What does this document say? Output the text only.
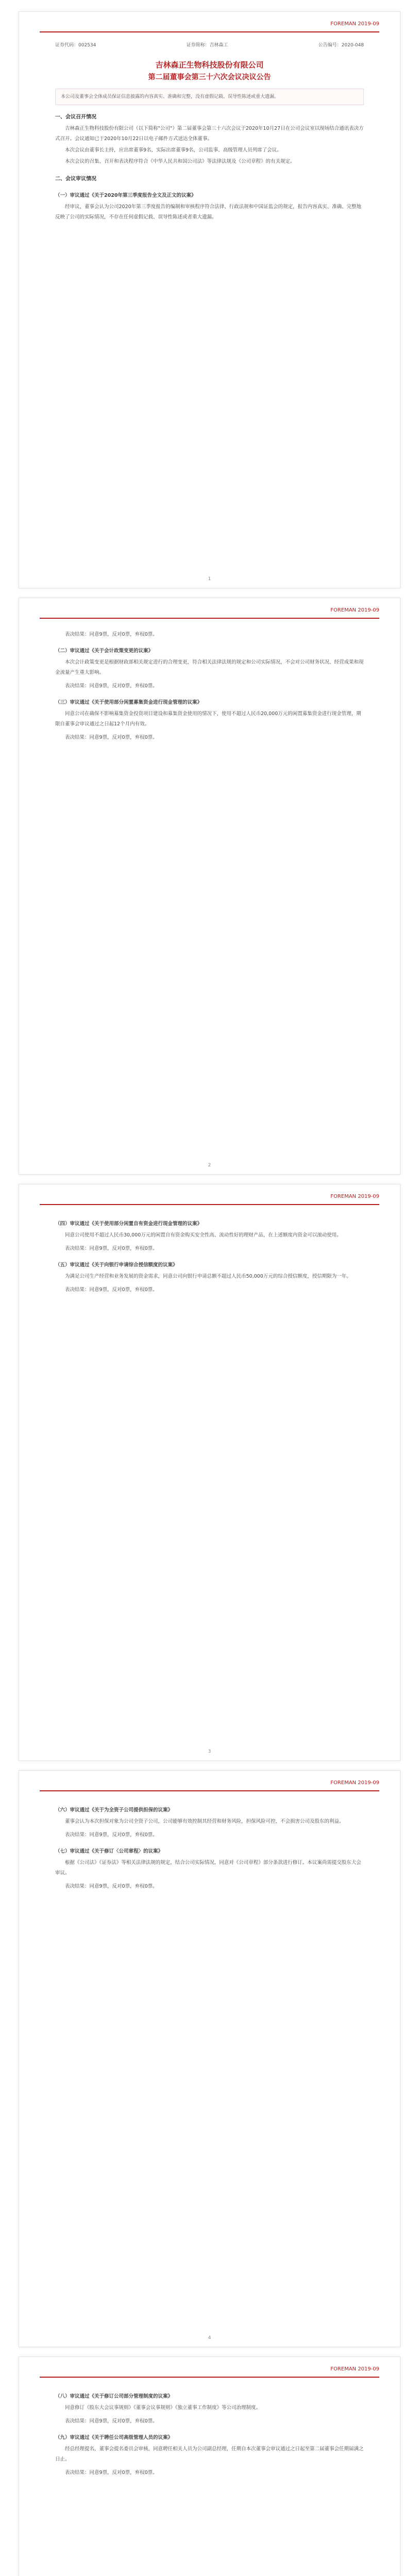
FOREMAN 2019-09
证券代码：002534	证券简称：吉林森工	公告编号：2020-048
吉林森正生物科技股份有限公司
第二届董事会第三十六次会议决议公告
本公司及董事会全体成员保证信息披露的内容真实、准确和完整，没有虚假记载、误导性陈述或重大遗漏。
一、会议召开情况
吉林森正生物科技股份有限公司（以下简称"公司"）第二届董事会第三十六次会议于2020年10月27日在公司会议室以现场结合通讯表决方式召开。会议通知已于2020年10月22日以电子邮件方式送达全体董事。
本次会议由董事长主持，应出席董事9名，实际出席董事9名，公司监事、高级管理人员列席了会议。
本次会议的召集、召开和表决程序符合《中华人民共和国公司法》等法律法规及《公司章程》的有关规定。
二、会议审议情况
（一）审议通过《关于2020年第三季度报告全文及正文的议案》
经审议，董事会认为公司2020年第三季度报告的编制和审核程序符合法律、行政法规和中国证监会的规定，报告内容真实、准确、完整地反映了公司的实际情况，不存在任何虚假记载、误导性陈述或者重大遗漏。
1
FOREMAN 2019-09
表决结果：同意9票，反对0票，弃权0票。
（二）审议通过《关于会计政策变更的议案》
本次会计政策变更是根据财政部相关规定进行的合理变更，符合相关法律法规的规定和公司实际情况，不会对公司财务状况、经营成果和现金流量产生重大影响。
表决结果：同意9票，反对0票，弃权0票。
（三）审议通过《关于使用部分闲置募集资金进行现金管理的议案》
同意公司在确保不影响募集资金投资项目建设和募集资金使用的情况下，使用不超过人民币20,000万元的闲置募集资金进行现金管理，期限自董事会审议通过之日起12个月内有效。
表决结果：同意9票，反对0票，弃权0票。
2
FOREMAN 2019-09
（四）审议通过《关于使用部分闲置自有资金进行现金管理的议案》
同意公司使用不超过人民币30,000万元的闲置自有资金购买安全性高、流动性好的理财产品，在上述额度内资金可以滚动使用。
表决结果：同意9票，反对0票，弃权0票。
（五）审议通过《关于向银行申请综合授信额度的议案》
为满足公司生产经营和业务发展的资金需求，同意公司向银行申请总额不超过人民币50,000万元的综合授信额度，授信期限为一年。
表决结果：同意9票，反对0票，弃权0票。
3
FOREMAN 2019-09
（六）审议通过《关于为全资子公司提供担保的议案》
董事会认为本次担保对象为公司全资子公司，公司能够有效控制其经营和财务风险，担保风险可控，不会损害公司及股东的利益。
表决结果：同意9票，反对0票，弃权0票。
（七）审议通过《关于修订〈公司章程〉的议案》
根据《公司法》《证券法》等相关法律法规的规定，结合公司实际情况，同意对《公司章程》部分条款进行修订。本议案尚需提交股东大会审议。
表决结果：同意9票，反对0票，弃权0票。
4
FOREMAN 2019-09
（八）审议通过《关于修订公司部分管理制度的议案》
同意修订《股东大会议事规则》《董事会议事规则》《独立董事工作制度》等公司治理制度。
表决结果：同意9票，反对0票，弃权0票。
（九）审议通过《关于聘任公司高级管理人员的议案》
经总经理提名，董事会提名委员会审核，同意聘任相关人员为公司副总经理，任期自本次董事会审议通过之日起至第二届董事会任期届满之日止。
表决结果：同意9票，反对0票，弃权0票。
